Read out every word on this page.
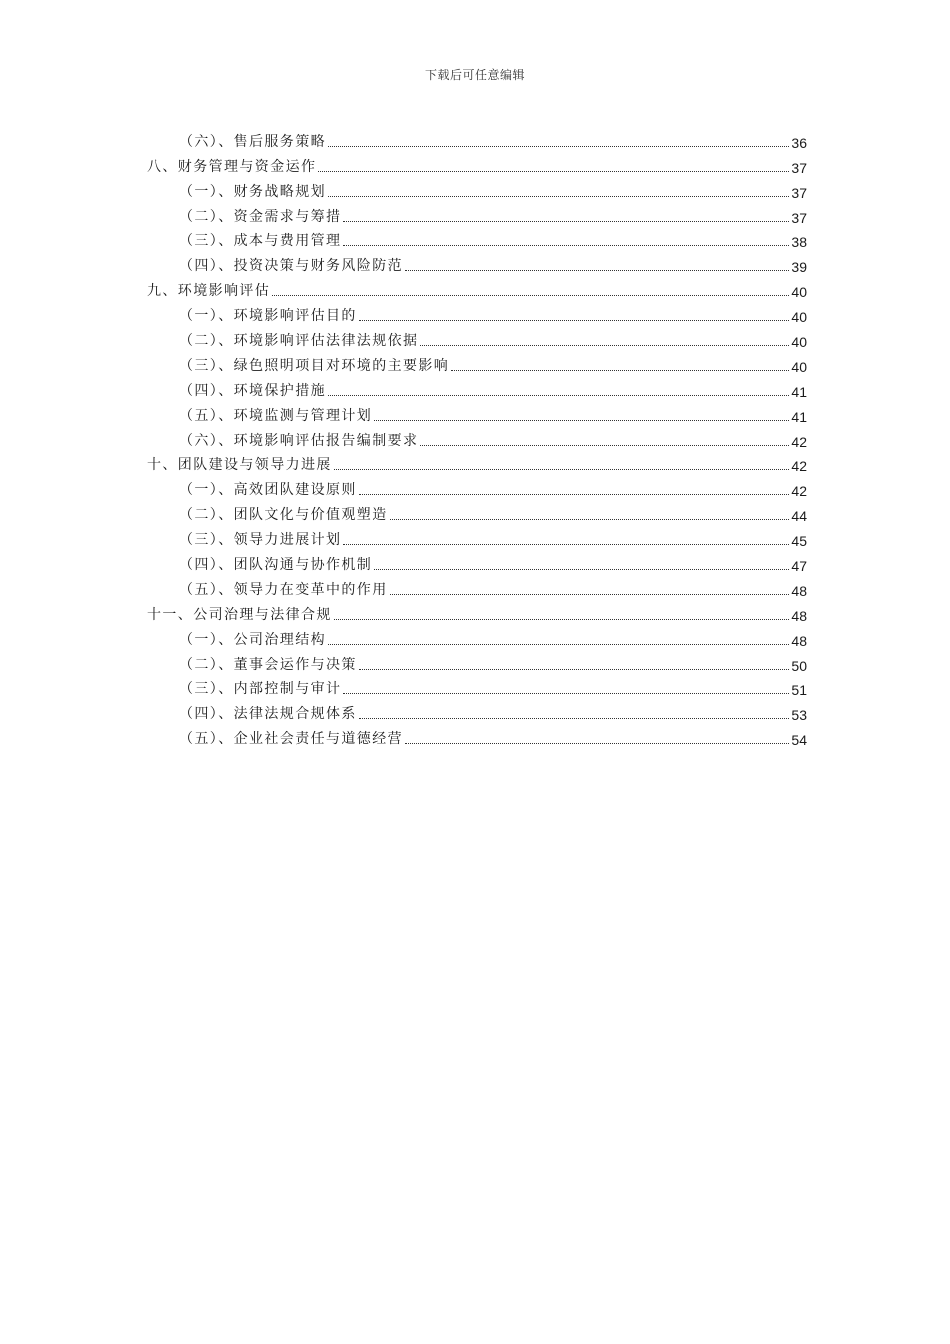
下载后可任意编辑
（六）、售后服务策略	36
八、财务管理与资金运作	37
（一）、财务战略规划	37
（二）、资金需求与筹措	37
（三）、成本与费用管理	38
（四）、投资决策与财务风险防范	39
九、环境影响评估	40
（一）、环境影响评估目的	40
（二）、环境影响评估法律法规依据	40
（三）、绿色照明项目对环境的主要影响	40
（四）、环境保护措施	41
（五）、环境监测与管理计划	41
（六）、环境影响评估报告编制要求	42
十、团队建设与领导力进展	42
（一）、高效团队建设原则	42
（二）、团队文化与价值观塑造	44
（三）、领导力进展计划	45
（四）、团队沟通与协作机制	47
（五）、领导力在变革中的作用	48
十一、公司治理与法律合规	48
（一）、公司治理结构	48
（二）、董事会运作与决策	50
（三）、内部控制与审计	51
（四）、法律法规合规体系	53
（五）、企业社会责任与道德经营	54
